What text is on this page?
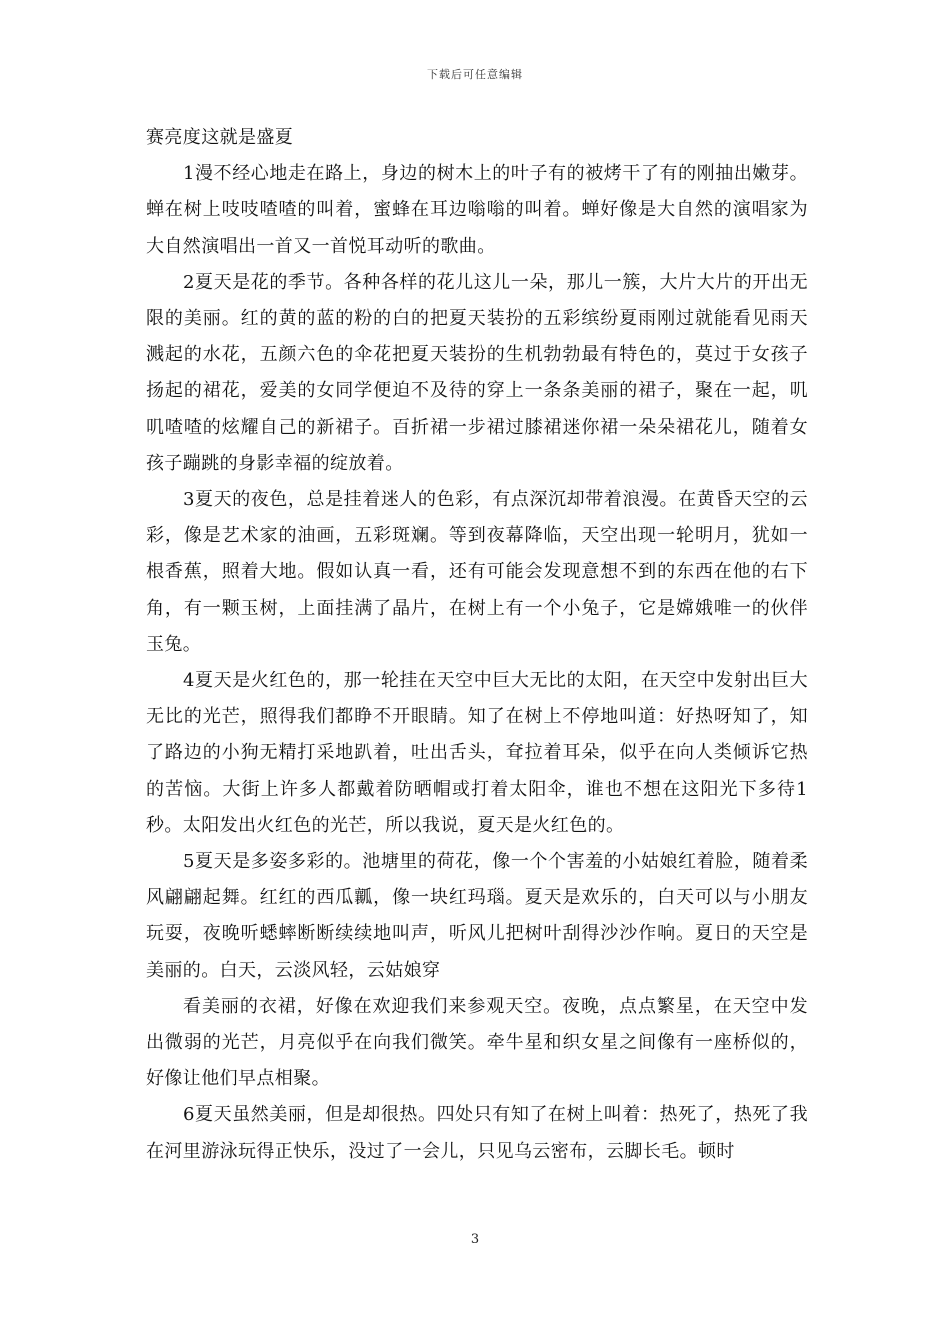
下载后可任意编辑

赛亮度这就是盛夏

1漫不经心地走在路上，身边的树木上的叶子有的被烤干了有的刚抽出嫩芽。蝉在树上吱吱喳喳的叫着，蜜蜂在耳边嗡嗡的叫着。蝉好像是大自然的演唱家为大自然演唱出一首又一首悦耳动听的歌曲。

2夏天是花的季节。各种各样的花儿这儿一朵，那儿一簇，大片大片的开出无限的美丽。红的黄的蓝的粉的白的把夏天装扮的五彩缤纷夏雨刚过就能看见雨天溅起的水花，五颜六色的伞花把夏天装扮的生机勃勃最有特色的，莫过于女孩子扬起的裙花，爱美的女同学便迫不及待的穿上一条条美丽的裙子，聚在一起，叽叽喳喳的炫耀自己的新裙子。百折裙一步裙过膝裙迷你裙一朵朵裙花儿，随着女孩子蹦跳的身影幸福的绽放着。

3夏天的夜色，总是挂着迷人的色彩，有点深沉却带着浪漫。在黄昏天空的云彩，像是艺术家的油画，五彩斑斓。等到夜幕降临，天空出现一轮明月，犹如一根香蕉，照着大地。假如认真一看，还有可能会发现意想不到的东西在他的右下角，有一颗玉树，上面挂满了晶片，在树上有一个小兔子，它是嫦娥唯一的伙伴玉兔。

4夏天是火红色的，那一轮挂在天空中巨大无比的太阳，在天空中发射出巨大无比的光芒，照得我们都睁不开眼睛。知了在树上不停地叫道：好热呀知了，知了路边的小狗无精打采地趴着，吐出舌头，耷拉着耳朵，似乎在向人类倾诉它热的苦恼。大街上许多人都戴着防晒帽或打着太阳伞，谁也不想在这阳光下多待1秒。太阳发出火红色的光芒，所以我说，夏天是火红色的。

5夏天是多姿多彩的。池塘里的荷花，像一个个害羞的小姑娘红着脸，随着柔风翩翩起舞。红红的西瓜瓤，像一块红玛瑙。夏天是欢乐的，白天可以与小朋友玩耍，夜晚听蟋蟀断断续续地叫声，听风儿把树叶刮得沙沙作响。夏日的天空是美丽的。白天，云淡风轻，云姑娘穿

看美丽的衣裙，好像在欢迎我们来参观天空。夜晚，点点繁星，在天空中发出微弱的光芒，月亮似乎在向我们微笑。牵牛星和织女星之间像有一座桥似的，好像让他们早点相聚。

6夏天虽然美丽，但是却很热。四处只有知了在树上叫着：热死了，热死了我在河里游泳玩得正快乐，没过了一会儿，只见乌云密布，云脚长毛。顿时

3
